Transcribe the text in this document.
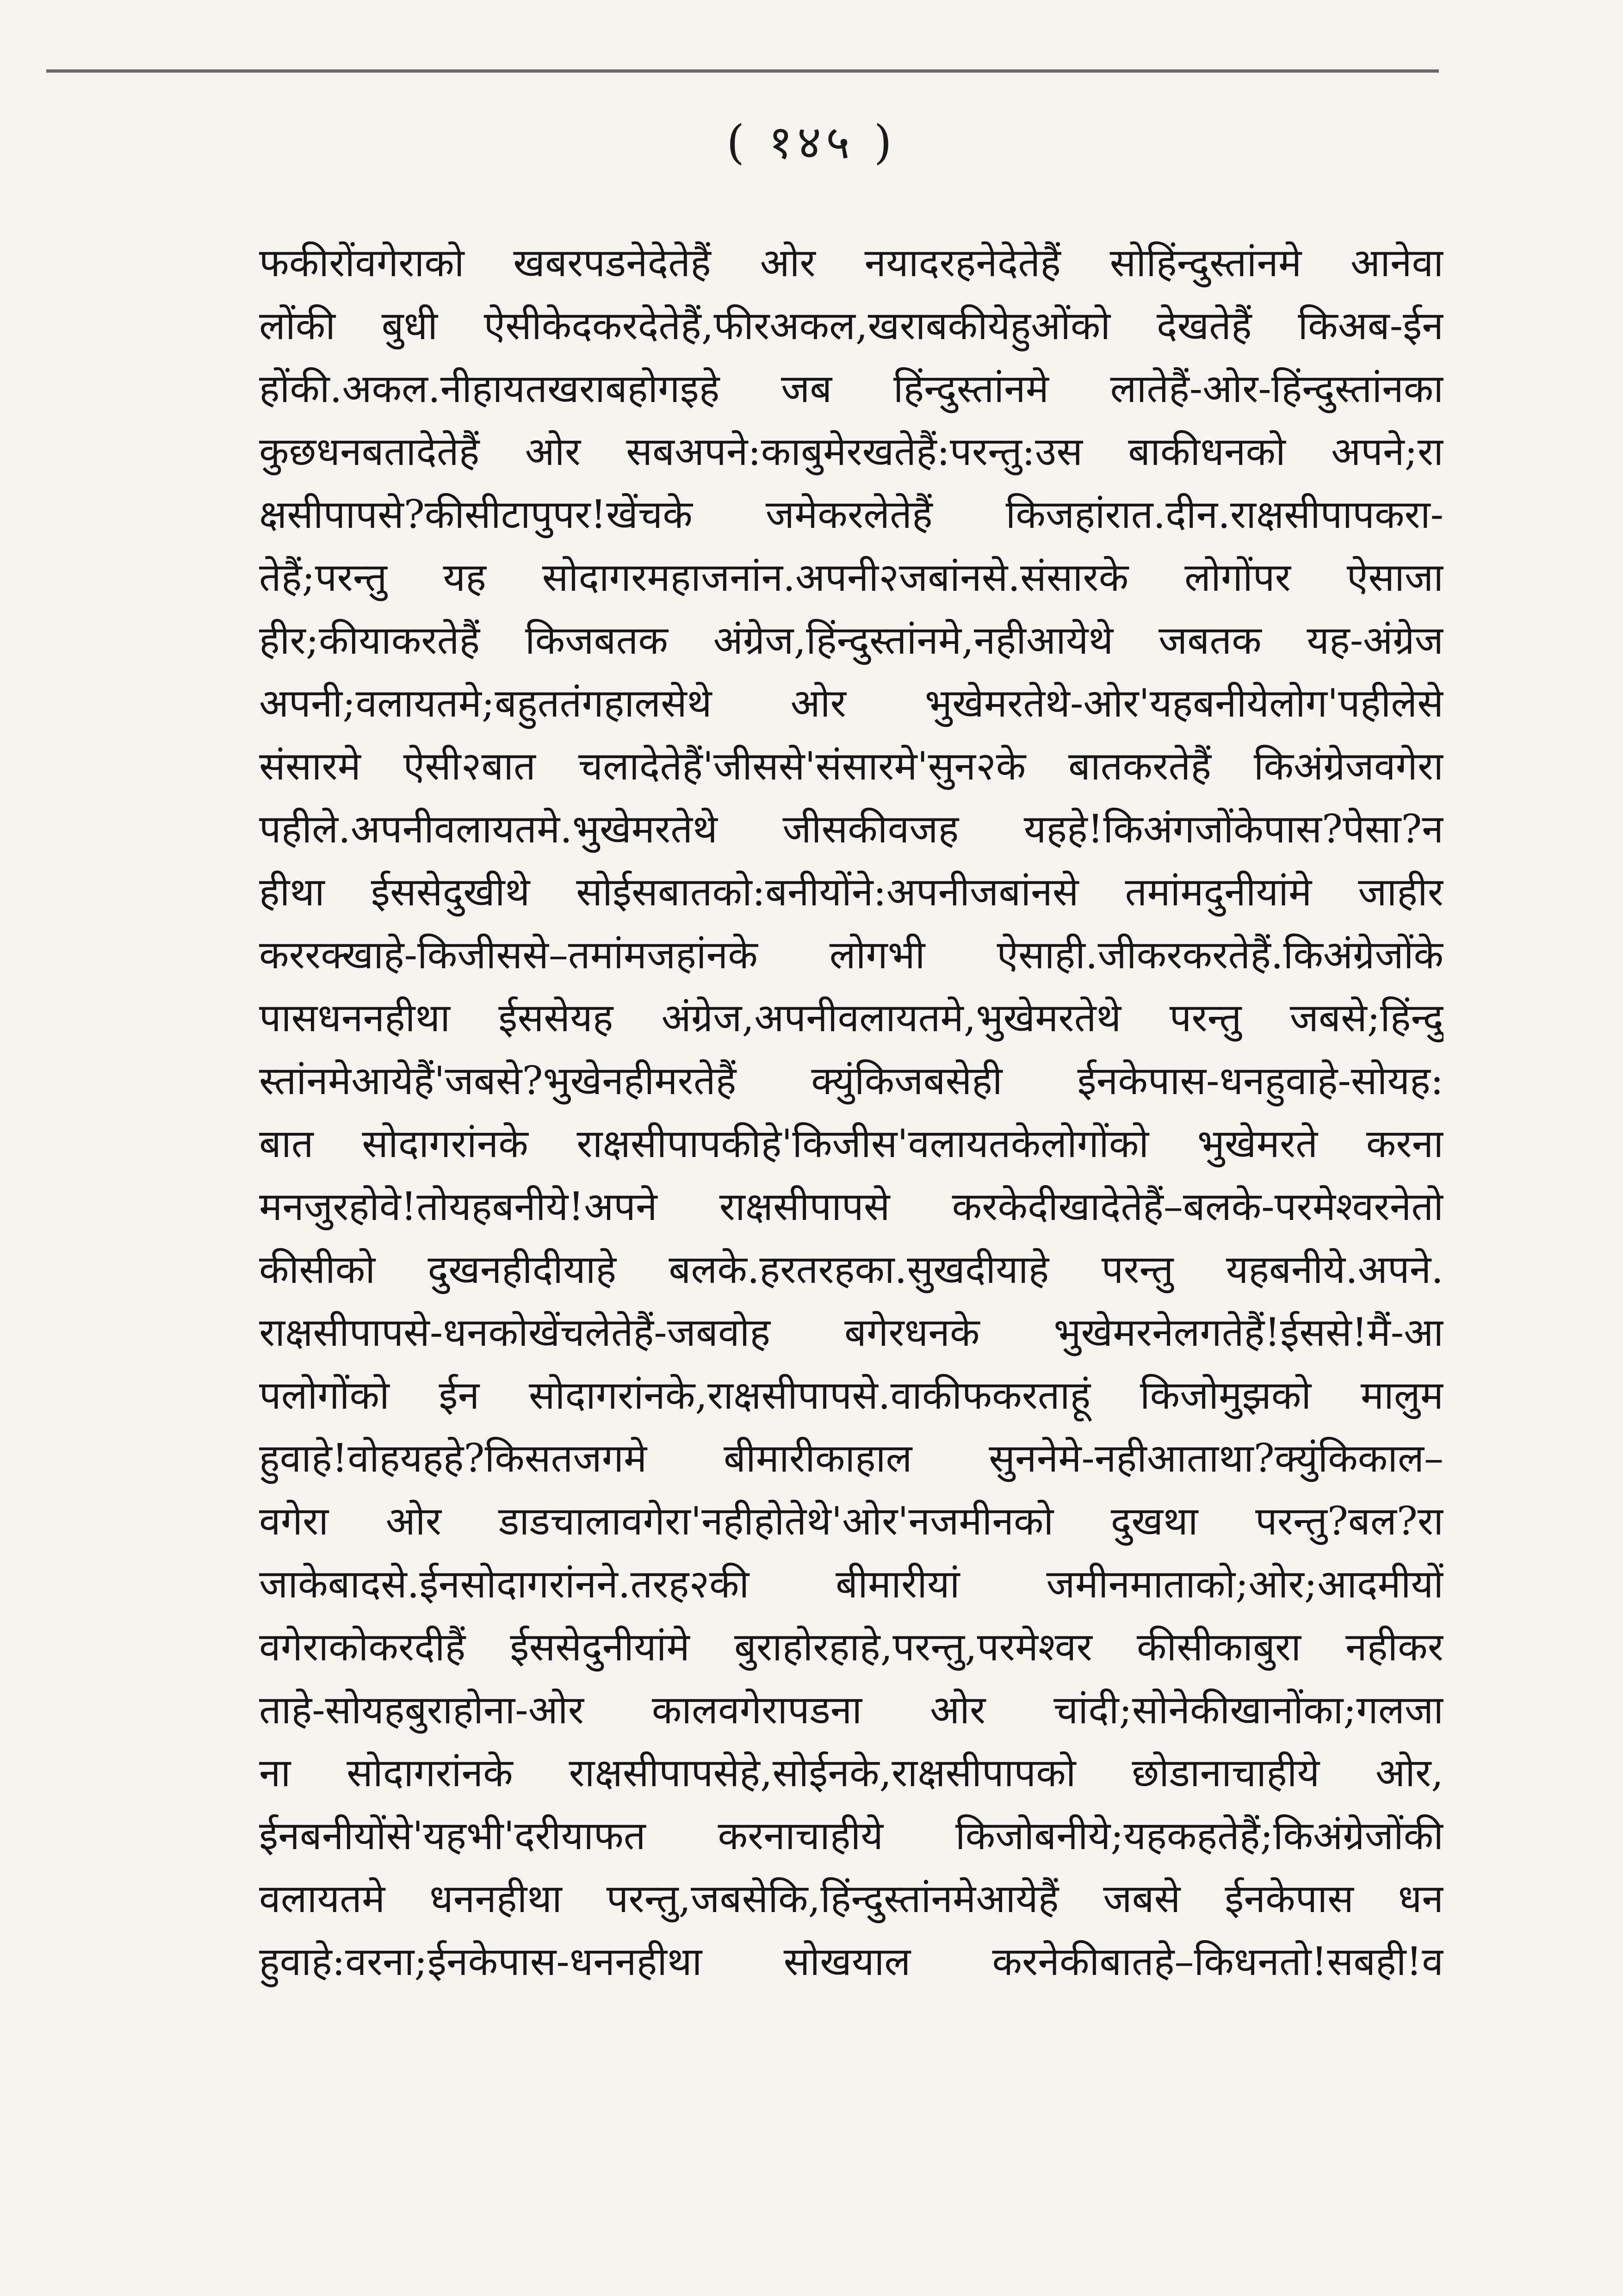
( १४५ )
फकीरोंवगेराको खबरपडनेदेतेहैं ओर नयादरहनेदेतेहैं सोहिंन्दुस्तांनमे आनेवा
लोंकी बुधी ऐसीकेदकरदेतेहैं,फीरअकल,खराबकीयेहुओंको देखतेहैं किअब-ईन
होंकी.अकल.नीहायतखराबहोगइहे जब हिंन्दुस्तांनमे लातेहैं-ओर-हिंन्दुस्तांनका
कुछधनबतादेतेहैं ओर सबअपने:काबुमेरखतेहैं:परन्तु:उस बाकीधनको अपने;रा
क्षसीपापसे?कीसीटापुपर!खेंचके जमेकरलेतेहैं किजहांरात.दीन.राक्षसीपापकरा-
तेहैं;परन्तु यह सोदागरमहाजनांन.अपनी२जबांनसे.संसारके लोगोंपर ऐसाजा
हीर;कीयाकरतेहैं किजबतक अंग्रेज,हिंन्दुस्तांनमे,नहीआयेथे जबतक यह-अंग्रेज
अपनी;वलायतमे;बहुततंगहालसेथे ओर भुखेमरतेथे-ओर'यहबनीयेलोग'पहीलेसे
संसारमे ऐसी२बात चलादेतेहैं'जीससे'संसारमे'सुन२के बातकरतेहैं किअंग्रेजवगेरा
पहीले.अपनीवलायतमे.भुखेमरतेथे जीसकीवजह यहहे!किअंगजोंकेपास?पेसा?न
हीथा ईससेदुखीथे सोईसबातको:बनीयोंने:अपनीजबांनसे तमांमदुनीयांमे जाहीर
कररक्खाहे-किजीससे–तमांमजहांनके लोगभी ऐसाही.जीकरकरतेहैं.किअंग्रेजोंके
पासधननहीथा ईससेयह अंग्रेज,अपनीवलायतमे,भुखेमरतेथे परन्तु जबसे;हिंन्दु
स्तांनमेआयेहैं'जबसे?भुखेनहीमरतेहैं क्युंकिजबसेही ईनकेपास-धनहुवाहे-सोयह:
बात सोदागरांनके राक्षसीपापकीहे'किजीस'वलायतकेलोगोंको भुखेमरते करना
मनजुरहोवे!तोयहबनीये!अपने राक्षसीपापसे करकेदीखादेतेहैं–बलके-परमेश्वरनेतो
कीसीको दुखनहीदीयाहे बलके.हरतरहका.सुखदीयाहे परन्तु यहबनीये.अपने.
राक्षसीपापसे-धनकोखेंचलेतेहैं-जबवोह बगेरधनके भुखेमरनेलगतेहैं!ईससे!मैं-आ
पलोगोंको ईन सोदागरांनके,राक्षसीपापसे.वाकीफकरताहूं किजोमुझको मालुम
हुवाहे!वोहयहहे?किसतजगमे बीमारीकाहाल सुननेमे-नहीआताथा?क्युंकिकाल–
वगेरा ओर डाडचालावगेरा'नहीहोतेथे'ओर'नजमीनको दुखथा परन्तु?बल?रा
जाकेबादसे.ईनसोदागरांनने.तरह२की बीमारीयां जमीनमाताको;ओर;आदमीयों
वगेराकोकरदीहैं ईससेदुनीयांमे बुराहोरहाहे,परन्तु,परमेश्वर कीसीकाबुरा नहीकर
ताहे-सोयहबुराहोना-ओर कालवगेरापडना ओर चांदी;सोनेकीखानोंका;गलजा
ना सोदागरांनके राक्षसीपापसेहे,सोईनके,राक्षसीपापको छोडानाचाहीये ओर,
ईनबनीयोंसे'यहभी'दरीयाफत करनाचाहीये किजोबनीये;यहकहतेहैं;किअंग्रेजोंकी
वलायतमे धननहीथा परन्तु,जबसेकि,हिंन्दुस्तांनमेआयेहैं जबसे ईनकेपास धन
हुवाहे:वरना;ईनकेपास-धननहीथा सोखयाल करनेकीबातहे–किधनतो!सबही!व
